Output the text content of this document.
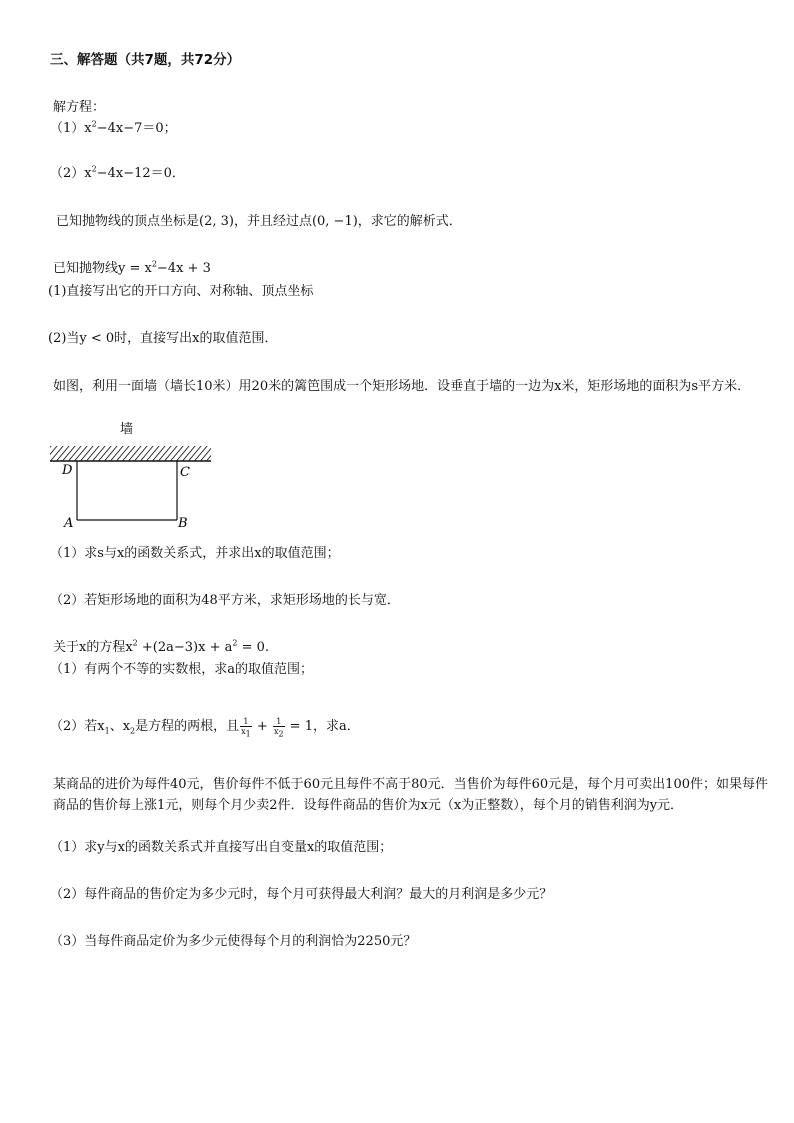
三、解答题（共7题，共72分）
解方程：
$(1)x^2-4x-7=0$；
$(2)x^2-4x-12=0$．
已知抛物线的顶点坐标是(2, 3)，并且经过点(0, −1)，求它的解析式．
已知抛物线$y = x^2-4x + 3$
(1)直接写出它的开口方向、对称轴、顶点坐标
(2)当y < 0时，直接写出x的取值范围．
如图，利用一面墙（墙长10米）用20米的篱笆围成一个矩形场地．设垂直于墙的一边为x米，矩形场地的面积为s平方米．
墙
D	C
A	B
（1）求s与x的函数关系式，并求出x的取值范围；
（2）若矩形场地的面积为48平方米，求矩形场地的长与宽．
关于x的方程$x^2 +(2a-3)x + a^2 = 0$.
（1）有两个不等的实数根，求a的取值范围；
（2）若$x_1$、$x_2$是方程的两根，且 $\frac{1}{x_1} + \frac{1}{x_2} = 1$，求a．
某商品的进价为每件40元，售价每件不低于60元且每件不高于80元．当售价为每件60元是，每个月可卖出100件；如果每件商品的售价每上涨1元，则每个月少卖2件．设每件商品的售价为x元（x为正整数），每个月的销售利润为y元．
（1）求y与x的函数关系式并直接写出自变量x的取值范围；
（2）每件商品的售价定为多少元时，每个月可获得最大利润？最大的月利润是多少元？
（3）当每件商品定价为多少元使得每个月的利润恰为2250元？
